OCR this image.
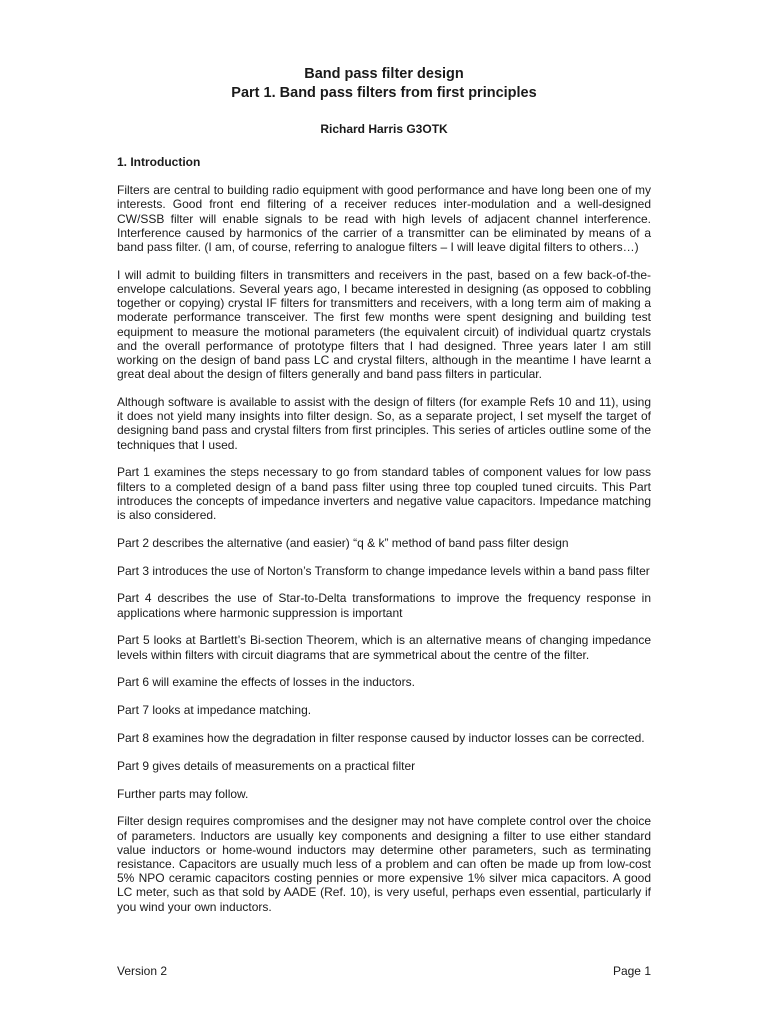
Band pass filter design
Part 1. Band pass filters from first principles
Richard Harris G3OTK
1. Introduction

Filters are central to building radio equipment with good performance and have long been one of my interests. Good front end filtering of a receiver reduces inter-modulation and a well-designed CW/SSB filter will enable signals to be read with high levels of adjacent channel interference. Interference caused by harmonics of the carrier of a transmitter can be eliminated by means of a band pass filter. (I am, of course, referring to analogue filters – I will leave digital filters to others…)

I will admit to building filters in transmitters and receivers in the past, based on a few back-of-the-envelope calculations. Several years ago, I became interested in designing (as opposed to cobbling together or copying) crystal IF filters for transmitters and receivers, with a long term aim of making a moderate performance transceiver. The first few months were spent designing and building test equipment to measure the motional parameters (the equivalent circuit) of individual quartz crystals and the overall performance of prototype filters that I had designed. Three years later I am still working on the design of band pass LC and crystal filters, although in the meantime I have learnt a great deal about the design of filters generally and band pass filters in particular.

Although software is available to assist with the design of filters (for example Refs 10 and 11), using it does not yield many insights into filter design. So, as a separate project, I set myself the target of designing band pass and crystal filters from first principles. This series of articles outline some of the techniques that I used.

Part 1 examines the steps necessary to go from standard tables of component values for low pass filters to a completed design of a band pass filter using three top coupled tuned circuits. This Part introduces the concepts of impedance inverters and negative value capacitors. Impedance matching is also considered.

Part 2 describes the alternative (and easier) “q & k” method of band pass filter design

Part 3 introduces the use of Norton’s Transform to change impedance levels within a band pass filter

Part 4 describes the use of Star-to-Delta transformations to improve the frequency response in applications where harmonic suppression is important

Part 5 looks at Bartlett’s Bi-section Theorem, which is an alternative means of changing impedance levels within filters with circuit diagrams that are symmetrical about the centre of the filter.

Part 6 will examine the effects of losses in the inductors.

Part 7 looks at impedance matching.

Part 8 examines how the degradation in filter response caused by inductor losses can be corrected.

Part 9 gives details of measurements on a practical filter

Further parts may follow.

Filter design requires compromises and the designer may not have complete control over the choice of parameters. Inductors are usually key components and designing a filter to use either standard value inductors or home-wound inductors may determine other parameters, such as terminating resistance. Capacitors are usually much less of a problem and can often be made up from low-cost 5% NPO ceramic capacitors costing pennies or more expensive 1% silver mica capacitors. A good LC meter, such as that sold by AADE (Ref. 10), is very useful, perhaps even essential, particularly if you wind your own inductors.

Version 2	Page 1
